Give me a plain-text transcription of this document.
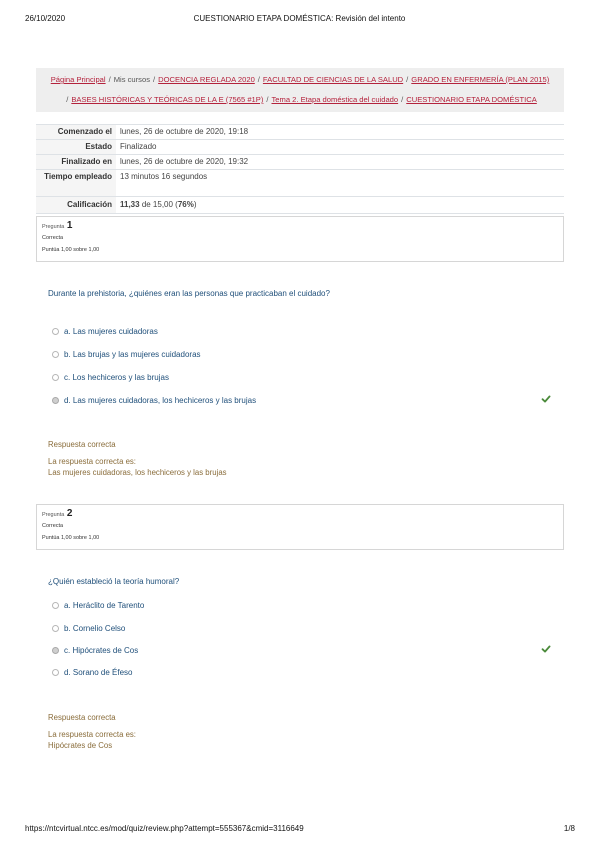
26/10/2020	CUESTIONARIO ETAPA DOMÉSTICA: Revisión del intento
Página Principal / Mis cursos / DOCENCIA REGLADA 2020 / FACULTAD DE CIENCIAS DE LA SALUD / GRADO EN ENFERMERÍA (PLAN 2015)
/ BASES HISTÓRICAS Y TEÓRICAS DE LA E (7565 #1P) / Tema 2. Etapa doméstica del cuidado / CUESTIONARIO ETAPA DOMÉSTICA
Comenzado el	lunes, 26 de octubre de 2020, 19:18
Estado	Finalizado
Finalizado en	lunes, 26 de octubre de 2020, 19:32
Tiempo empleado	13 minutos 16 segundos
Calificación	11,33 de 15,00 (76%)
Pregunta 1
Correcta
Puntúa 1,00 sobre 1,00
Durante la prehistoria, ¿quiénes eran las personas que practicaban el cuidado?
a. Las mujeres cuidadoras
b. Las brujas y las mujeres cuidadoras
c. Los hechiceros y las brujas
d. Las mujeres cuidadoras, los hechiceros y las brujas
Respuesta correcta
La respuesta correcta es:
Las mujeres cuidadoras, los hechiceros y las brujas
Pregunta 2
Correcta
Puntúa 1,00 sobre 1,00
¿Quién estableció la teoría humoral?
a. Heráclito de Tarento
b. Cornelio Celso
c. Hipócrates de Cos
d. Sorano de Éfeso
Respuesta correcta
La respuesta correcta es:
Hipócrates de Cos
https://ntcvirtual.ntcc.es/mod/quiz/review.php?attempt=555367&cmid=3116649	1/8
